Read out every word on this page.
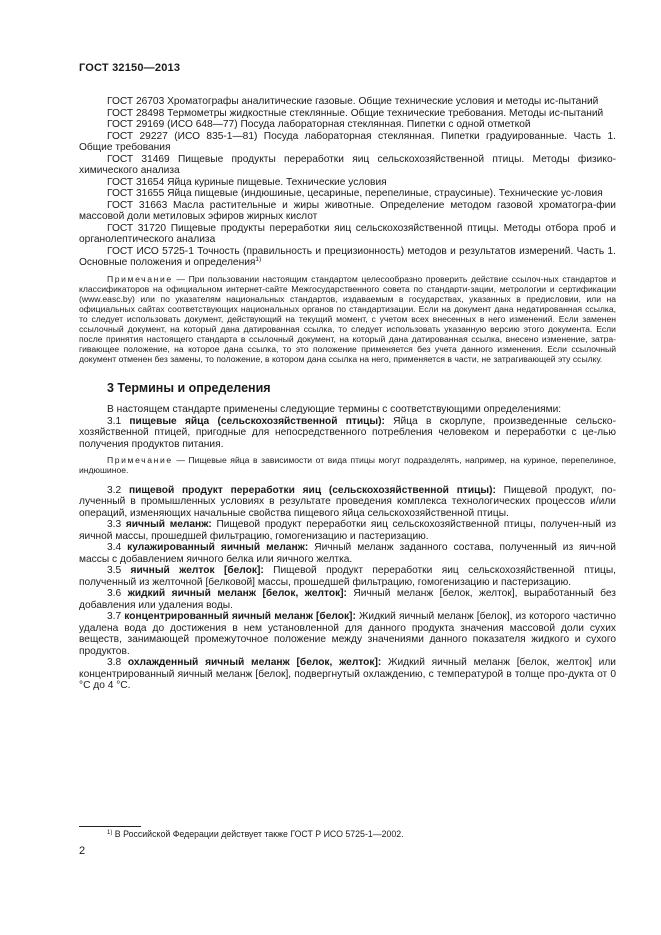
ГОСТ 32150—2013

ГОСТ 26703 Хроматографы аналитические газовые. Общие технические условия и методы ис-пытаний

ГОСТ 28498 Термометры жидкостные стеклянные. Общие технические требования. Методы ис-пытаний

ГОСТ 29169 (ИСО 648—77) Посуда лабораторная стеклянная. Пипетки с одной отметкой

ГОСТ 29227 (ИСО 835-1—81) Посуда лабораторная стеклянная. Пипетки градуированные. Часть 1. Общие требования

ГОСТ 31469 Пищевые продукты переработки яиц сельскохозяйственной птицы. Методы физико-химического анализа

ГОСТ 31654 Яйца куриные пищевые. Технические условия

ГОСТ 31655 Яйца пищевые (индюшиные, цесариные, перепелиные, страусиные). Технические ус-ловия

ГОСТ 31663 Масла растительные и жиры животные. Определение методом газовой хроматогра-фии массовой доли метиловых эфиров жирных кислот

ГОСТ 31720 Пищевые продукты переработки яиц сельскохозяйственной птицы. Методы отбора проб и органолептического анализа

ГОСТ ИСО 5725-1 Точность (правильность и прецизионность) методов и результатов измерений. Часть 1. Основные положения и определения$^{1)}$

Примечание — При пользовании настоящим стандартом целесообразно проверить действие ссылоч-ных стандартов и классификаторов на официальном интернет-сайте Межгосударственного совета по стандарти-зации, метрологии и сертификации (www.easc.by) или по указателям национальных стандартов, издаваемым в государствах, указанных в предисловии, или на официальных сайтах соответствующих национальных органов по стандартизации. Если на документ дана недатированная ссылка, то следует использовать документ, действующий на текущий момент, с учетом всех внесенных в него изменений. Если заменен ссылочный документ, на который дана датированная ссылка, то следует использовать указанную версию этого документа. Если после принятия настоящего стандарта в ссылочный документ, на который дана датированная ссылка, внесено изменение, затра-гивающее положение, на которое дана ссылка, то это положение применяется без учета данного изменения. Если ссылочный документ отменен без замены, то положение, в котором дана ссылка на него, применяется в части, не затрагивающей эту ссылку.

3 Термины и определения

В настоящем стандарте применены следующие термины с соответствующими определениями:

3.1 пищевые яйца (сельскохозяйственной птицы): Яйца в скорлупе, произведенные сельско-хозяйственной птицей, пригодные для непосредственного потребления человеком и переработки с це-лью получения продуктов питания.

Примечание — Пищевые яйца в зависимости от вида птицы могут подразделять, например, на куриное, перепелиное, индюшиное.

3.2 пищевой продукт переработки яиц (сельскохозяйственной птицы): Пищевой продукт, по-лученный в промышленных условиях в результате проведения комплекса технологических процессов и/или операций, изменяющих начальные свойства пищевого яйца сельскохозяйственной птицы.

3.3 яичный меланж: Пищевой продукт переработки яиц сельскохозяйственной птицы, получен-ный из яичной массы, прошедшей фильтрацию, гомогенизацию и пастеризацию.

3.4 кулажированный яичный меланж: Яичный меланж заданного состава, полученный из яич-ной массы с добавлением яичного белка или яичного желтка.

3.5 яичный желток [белок]: Пищевой продукт переработки яиц сельскохозяйственной птицы, полученный из желточной [белковой] массы, прошедшей фильтрацию, гомогенизацию и пастеризацию.

3.6 жидкий яичный меланж [белок, желток]: Яичный меланж [белок, желток], выработанный без добавления или удаления воды.

3.7 концентрированный яичный меланж [белок]: Жидкий яичный меланж [белок], из которого частично удалена вода до достижения в нем установленной для данного продукта значения массовой доли сухих веществ, занимающей промежуточное положение между значениями данного показателя жидкого и сухого продуктов.

3.8 охлажденный яичный меланж [белок, желток]: Жидкий яичный меланж [белок, желток] или концентрированный яичный меланж [белок], подвергнутый охлаждению, с температурой в толще про-дукта от 0 °С до 4 °С.

$^{1)}$ В Российской Федерации действует также ГОСТ Р ИСО 5725-1—2002.
2
